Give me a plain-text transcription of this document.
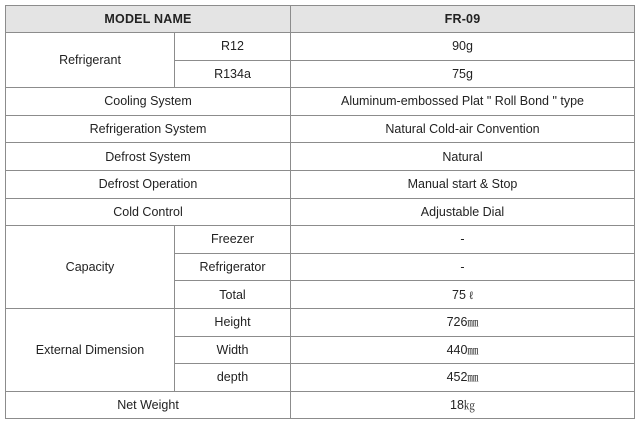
MODEL NAME		FR-09
Refrigerant	R12	90g
	R134a	75g
Cooling System		Aluminum-embossed Plat " Roll Bond " type
Refrigeration System		Natural Cold-air Convention
Defrost System		Natural
Defrost Operation		Manual start & Stop
Cold Control		Adjustable Dial
Capacity	Freezer	-
	Refrigerator	-
	Total	75 ℓ
External Dimension	Height	726㎜
	Width	440㎜
	depth	452㎜
Net Weight		18㎏
